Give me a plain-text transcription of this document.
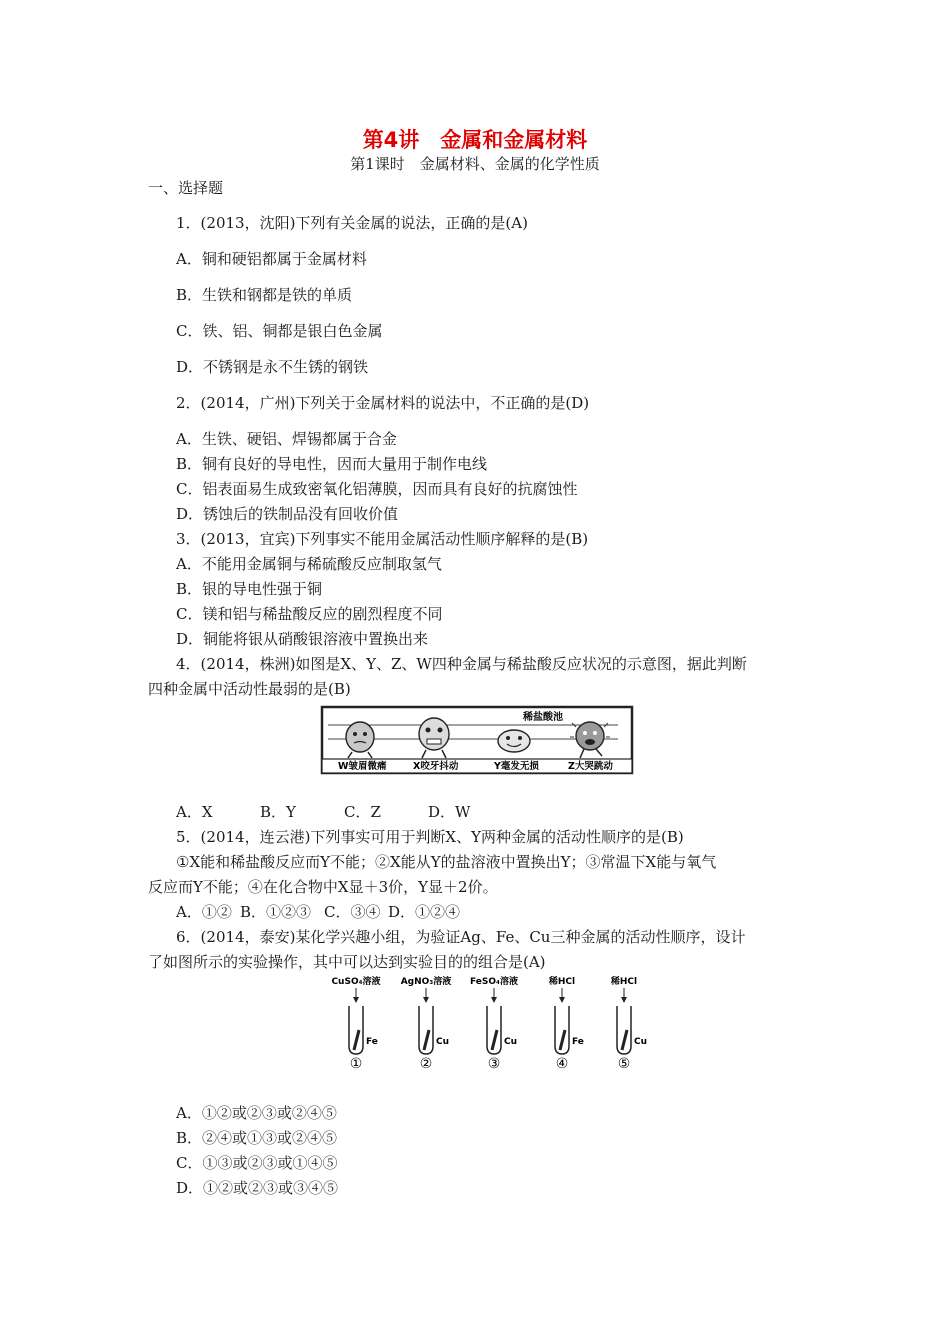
第4讲　金属和金属材料
第1课时　金属材料、金属的化学性质
一、选择题
1．(2013，沈阳)下列有关金属的说法，正确的是(A)
A．铜和硬铝都属于金属材料
B．生铁和钢都是铁的单质
C．铁、铝、铜都是银白色金属
D．不锈钢是永不生锈的钢铁
2．(2014，广州)下列关于金属材料的说法中，不正确的是(D)
A．生铁、硬铝、焊锡都属于合金
B．铜有良好的导电性，因而大量用于制作电线
C．铝表面易生成致密氧化铝薄膜，因而具有良好的抗腐蚀性
D．锈蚀后的铁制品没有回收价值
3．(2013，宜宾)下列事实不能用金属活动性顺序解释的是(B)
A．不能用金属铜与稀硫酸反应制取氢气
B．银的导电性强于铜
C．镁和铝与稀盐酸反应的剧烈程度不同
D．铜能将银从硝酸银溶液中置换出来
4．(2014，株洲)如图是X、Y、Z、W四种金属与稀盐酸反应状况的示意图，据此判断
四种金属中活动性最弱的是(B)
稀盐酸池
W皱眉微痛	X咬牙抖动	Y毫发无损	Z大哭跳动
A．X	B．Y	C．Z	D．W
5．(2014，连云港)下列事实可用于判断X、Y两种金属的活动性顺序的是(B)
①X能和稀盐酸反应而Y不能；②X能从Y的盐溶液中置换出Y；③常温下X能与氧气
反应而Y不能；④在化合物中X显＋3价，Y显＋2价。
A．①② B．①②③ C．③④ D．①②④
6．(2014，泰安)某化学兴趣小组，为验证Ag、Fe、Cu三种金属的活动性顺序，设计
了如图所示的实验操作，其中可以达到实验目的的组合是(A)
CuSO₄溶液
Fe
①
AgNO₃溶液
Cu
②
FeSO₄溶液
Cu
③
稀HCl
Fe
④
稀HCl
Cu
⑤
A．①②或②③或②④⑤
B．②④或①③或②④⑤
C．①③或②③或①④⑤
D．①②或②③或③④⑤
